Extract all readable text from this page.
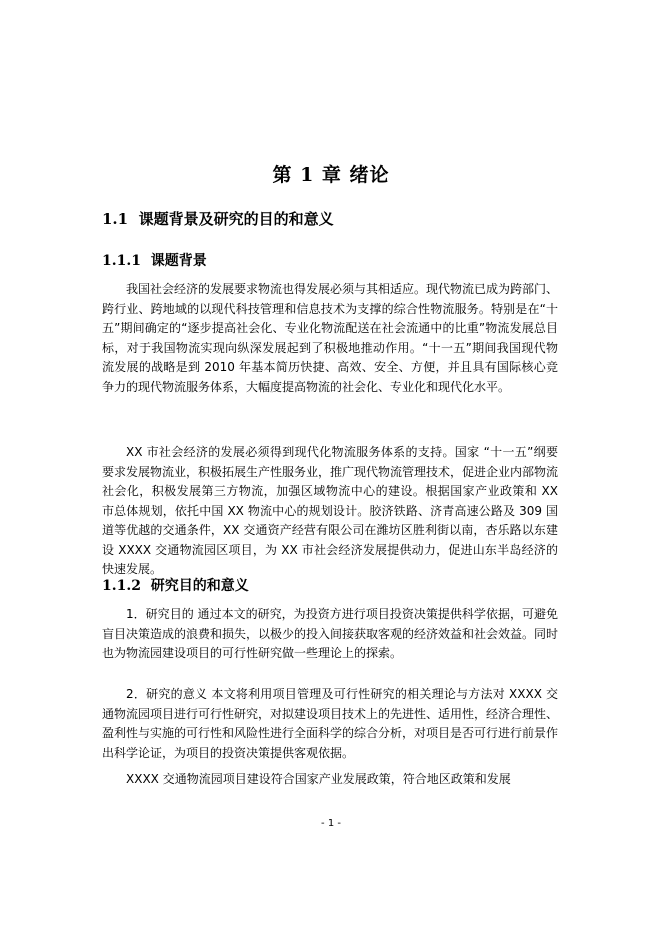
第 1 章 绪论
1.1 课题背景及研究的目的和意义
1.1.1 课题背景

我国社会经济的发展要求物流也得发展必须与其相适应。现代物流已成为跨部门、跨行业、跨地域的以现代科技管理和信息技术为支撑的综合性物流服务。特别是在“十五”期间确定的“逐步提高社会化、专业化物流配送在社会流通中的比重”物流发展总目标，对于我国物流实现向纵深发展起到了积极地推动作用。“十一五”期间我国现代物流发展的战略是到 2010 年基本简历快捷、高效、安全、方便，并且具有国际核心竞争力的现代物流服务体系，大幅度提高物流的社会化、专业化和现代化水平。

XX 市社会经济的发展必须得到现代化物流服务体系的支持。国家 “十一五”纲要要求发展物流业，积极拓展生产性服务业，推广现代物流管理技术，促进企业内部物流社会化，积极发展第三方物流，加强区域物流中心的建设。根据国家产业政策和 XX 市总体规划，依托中国 XX 物流中心的规划设计。胶济铁路、济青高速公路及 309 国道等优越的交通条件，XX 交通资产经营有限公司在潍坊区胜利街以南，杏乐路以东建设 XXXX 交通物流园区项目，为 XX 市社会经济发展提供动力，促进山东半岛经济的快速发展。

1.1.2 研究目的和意义

1．研究目的 通过本文的研究，为投资方进行项目投资决策提供科学依据，可避免盲目决策造成的浪费和损失，以极少的投入间接获取客观的经济效益和社会效益。同时也为物流园建设项目的可行性研究做一些理论上的探索。

2．研究的意义 本文将利用项目管理及可行性研究的相关理论与方法对 XXXX 交通物流园项目进行可行性研究，对拟建设项目技术上的先进性、适用性，经济合理性、盈利性与实施的可行性和风险性进行全面科学的综合分析，对项目是否可行进行前景作出科学论证，为项目的投资决策提供客观依据。

XXXX 交通物流园项目建设符合国家产业发展政策，符合地区政策和发展

- 1 -
